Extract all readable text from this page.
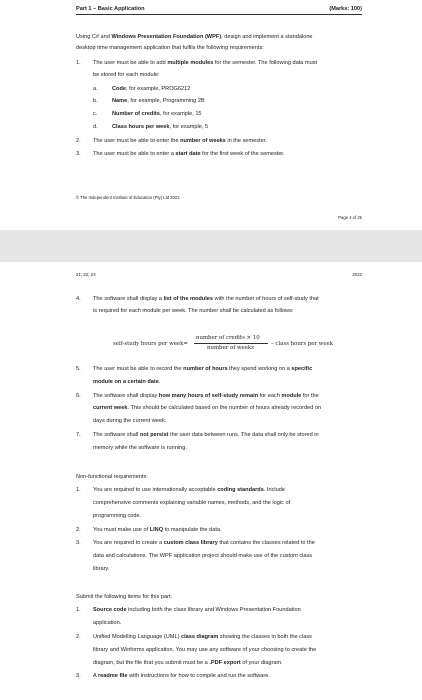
Part 1 – Basic Application	(Marks: 100)
Using C# and Windows Presentation Foundation (WPF), design and implement a standalone
desktop time management application that fulfils the following requirements:
1. The user must be able to add multiple modules for the semester. The following data must
be stored for each module:
a.	Code, for example, PROG6212
b.	Name, for example, Programming 2B
c.	Number of credits, for example, 15
d.	Class hours per week, for example, 5
2. The user must be able to enter the number of weeks in the semester.
3. The user must be able to enter a start date for the first week of the semester.
© The Independent Institute of Education (Pty) Ltd 2022
Page 4 of 25
21; 22; 23	2022
4. The software shall display a list of the modules with the number of hours of self-study that
is required for each module per week. The number shall be calculated as follows:
self-study hours per week=
number of credits × 10
number of weeks
– class hours per week
5. The user must be able to record the number of hours they spend working on a specific
module on a certain date.
6. The software shall display how many hours of self-study remain for each module for the
current week. This should be calculated based on the number of hours already recorded on
days during the current week.
7. The software shall not persist the user data between runs. The data shall only be stored in
memory while the software is running.
Non-functional requirements:
1. You are required to use internationally acceptable coding standards. Include
comprehensive comments explaining variable names, methods, and the logic of
programming code.
2. You must make use of LINQ to manipulate the data.
3. You are required to create a custom class library that contains the classes related to the
data and calculations. The WPF application project should make use of the custom class
library.
Submit the following items for this part:
1. Source code including both the class library and Windows Presentation Foundation
application.
2. Unified Modelling Language (UML) class diagram showing the classes in both the class
library and Winforms application. You may use any software of your choosing to create the
diagram, but the file that you submit must be a .PDF export of your diagram.
3. A readme file with instructions for how to compile and run the software.
